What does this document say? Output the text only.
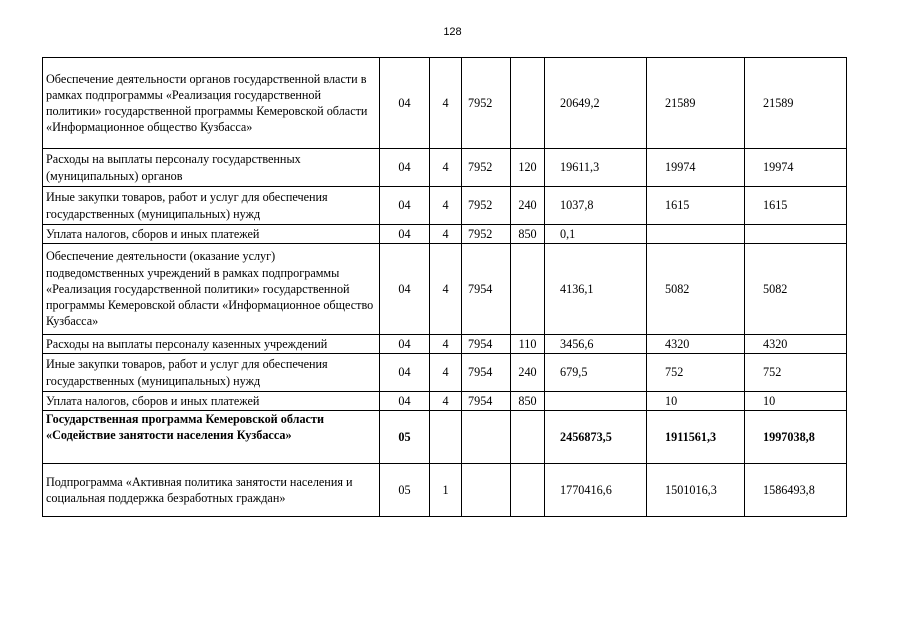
128
Обеспечение деятельности органов государственной власти в рамках подпрограммы «Реализация государственной политики» государственной программы Кемеровской области «Информационное общество Кузбасса»	04	4	7952		20649,2	21589	21589
Расходы на выплаты персоналу государственных (муниципальных) органов	04	4	7952	120	19611,3	19974	19974
Иные закупки товаров, работ и услуг для обеспечения государственных (муниципальных) нужд	04	4	7952	240	1037,8	1615	1615
Уплата налогов, сборов и иных платежей	04	4	7952	850	0,1		
Обеспечение деятельности (оказание услуг) подведомственных учреждений в рамках подпрограммы «Реализация государственной политики» государственной программы Кемеровской области «Информационное общество Кузбасса»	04	4	7954		4136,1	5082	5082
Расходы на выплаты персоналу казенных учреждений	04	4	7954	110	3456,6	4320	4320
Иные закупки товаров, работ и услуг для обеспечения государственных (муниципальных) нужд	04	4	7954	240	679,5	752	752
Уплата налогов, сборов и иных платежей	04	4	7954	850		10	10
Государственная программа Кемеровской области «Содействие занятости населения Кузбасса»	05				2456873,5	1911561,3	1997038,8
Подпрограмма «Активная политика занятости населения и социальная поддержка безработных граждан»	05	1			1770416,6	1501016,3	1586493,8
